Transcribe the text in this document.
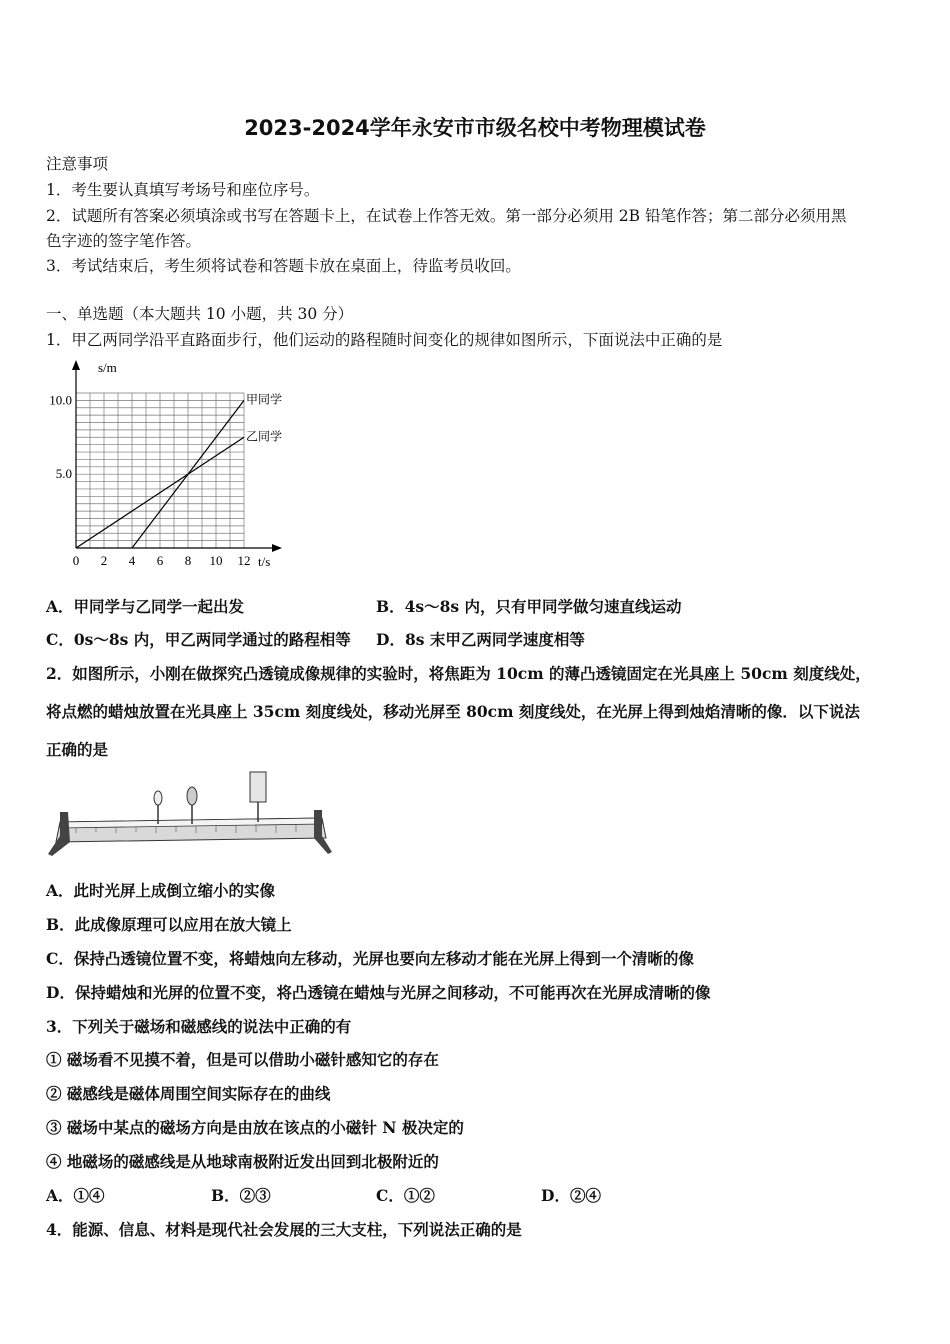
2023-2024学年永安市市级名校中考物理模试卷
注意事项
1．考生要认真填写考场号和座位序号。
2．试题所有答案必须填涂或书写在答题卡上，在试卷上作答无效。第一部分必须用 2B 铅笔作答；第二部分必须用黑
色字迹的签字笔作答。
3．考试结束后，考生须将试卷和答题卡放在桌面上，待监考员收回。
一、单选题（本大题共 10 小题，共 30 分）
1．甲乙两同学沿平直路面步行，他们运动的路程随时间变化的规律如图所示，下面说法中正确的是
甲同学
乙同学
0 2 4 6 8 10 12
5.0
10.0
t/s
s/m
A．甲同学与乙同学一起出发	B．4s～8s 内，只有甲同学做匀速直线运动
C．0s～8s 内，甲乙两同学通过的路程相等 D．8s 末甲乙两同学速度相等
2．如图所示，小刚在做探究凸透镜成像规律的实验时，将焦距为 10cm 的薄凸透镜固定在光具座上 50cm 刻度线处，
将点燃的蜡烛放置在光具座上 35cm 刻度线处，移动光屏至 80cm 刻度线处，在光屏上得到烛焰清晰的像．以下说法
正确的是
A．此时光屏上成倒立缩小的实像
B．此成像原理可以应用在放大镜上
C．保持凸透镜位置不变，将蜡烛向左移动，光屏也要向左移动才能在光屏上得到一个清晰的像
D．保持蜡烛和光屏的位置不变，将凸透镜在蜡烛与光屏之间移动，不可能再次在光屏成清晰的像
3．下列关于磁场和磁感线的说法中正确的有
① 磁场看不见摸不着，但是可以借助小磁针感知它的存在
② 磁感线是磁体周围空间实际存在的曲线
③ 磁场中某点的磁场方向是由放在该点的小磁针 N 极决定的
④ 地磁场的磁感线是从地球南极附近发出回到北极附近的
A．①④	B．②③	C．①②	D．②④
4．能源、信息、材料是现代社会发展的三大支柱，下列说法正确的是
